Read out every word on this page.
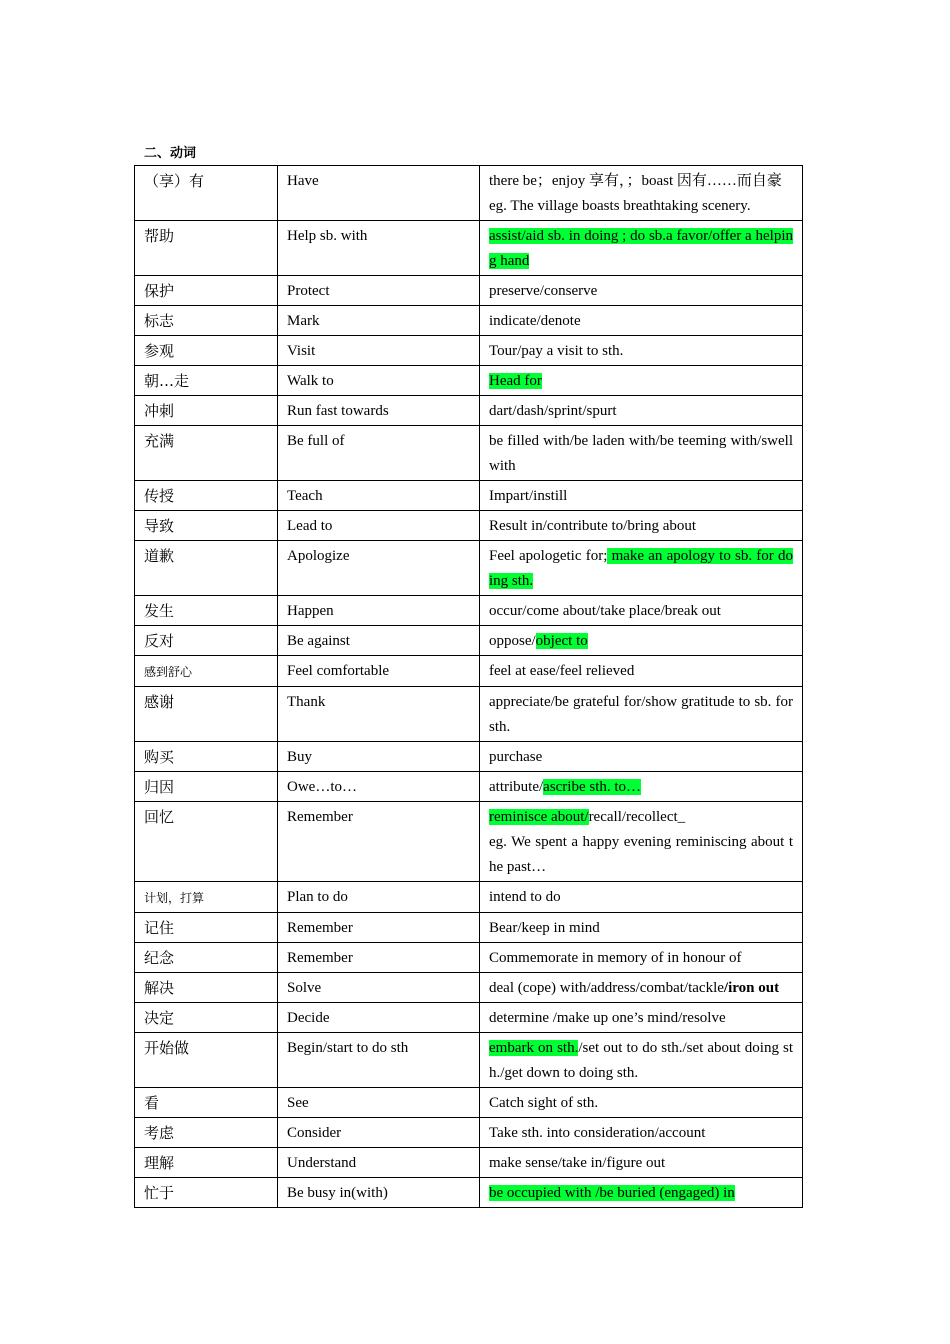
二、动词
（享）有	Have	there be；enjoy 享有，；boast 因有……而自豪
eg. The village boasts breathtaking scenery.
帮助	Help sb. with	assist/aid sb. in doing ; do sb.a favor/offer a helping hand
保护	Protect	preserve/conserve
标志	Mark	indicate/denote
参观	Visit	Tour/pay a visit to sth.
朝…走	Walk to	Head for
冲刺	Run fast towards	dart/dash/sprint/spurt
充满	Be full of	be filled with/be laden with/be teeming with/swell with
传授	Teach	Impart/instill
导致	Lead to	Result in/contribute to/bring about
道歉	Apologize	Feel apologetic for; make an apology to sb. for doing sth.
发生	Happen	occur/come about/take place/break out
反对	Be against	oppose/object to
感到舒心	Feel comfortable	feel at ease/feel relieved
感谢	Thank	appreciate/be grateful for/show gratitude to sb. for sth.
购买	Buy	purchase
归因	Owe…to…	attribute/ascribe sth. to…
回忆	Remember	reminisce about/recall/recollect_
eg. We spent a happy evening reminiscing about the past…
计划，打算	Plan to do	intend to do
记住	Remember	Bear/keep in mind
纪念	Remember	Commemorate in memory of in honour of
解决	Solve	deal (cope) with/address/combat/tackle/iron out
决定	Decide	determine /make up one’s mind/resolve
开始做	Begin/start to do sth	embark on sth./set out to do sth./set about doing sth./get down to doing sth.
看	See	Catch sight of sth.
考虑	Consider	Take sth. into consideration/account
理解	Understand	make sense/take in/figure out
忙于	Be busy in(with)	be occupied with /be buried (engaged) in
